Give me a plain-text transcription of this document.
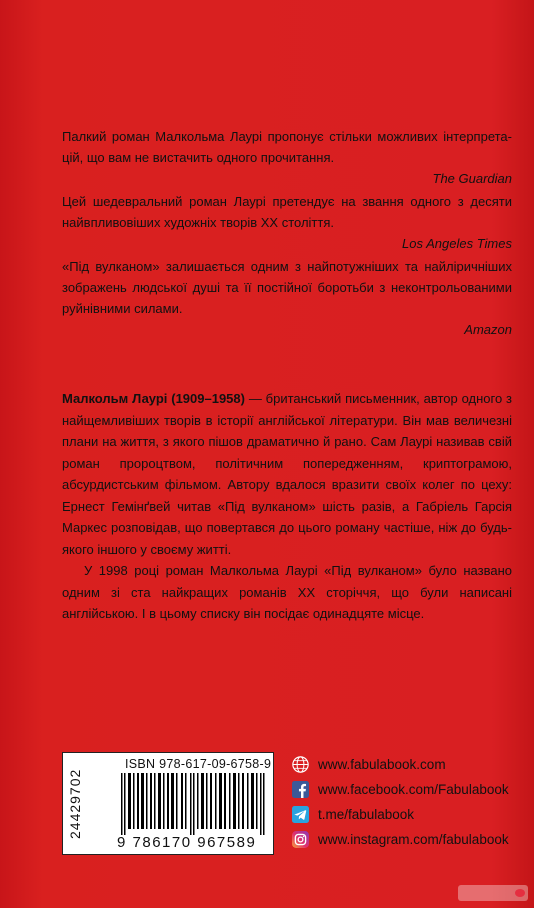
Палкий роман Малкольма Лаурі пропонує стільки можливих інтерпрета-цій, що вам не вистачить одного прочитання.

The Guardian

Цей шедевральний роман Лаурі претендує на звання одного з десяти найвпливовіших художніх творів XX століття.

Los Angeles Times

«Під вулканом» залишається одним з найпотужніших та найліричніших зображень людської душі та її постійної боротьби з неконтрольованими руйнівними силами.

Amazon

Малкольм Лаурі (1909–1958) — британський письменник, автор одного з найщемливіших творів в історії англійської літератури. Він мав величезні плани на життя, з якого пішов драматично й рано. Сам Лаурі називав свій роман пророцтвом, політичним попередженням, криптограмою, абсурдистським фільмом. Автору вдалося вразити своїх колег по цеху: Ернест Гемінґвей читав «Під вулканом» шість разів, а Габріель Гарсія Маркес розповідав, що повертався до цього роману частіше, ніж до будь-якого іншого у своєму житті.

У 1998 році роман Малкольма Лаурі «Під вулканом» було названо одним зі ста найкращих романів XX сторіччя, що були написані англійською. І в цьому списку він посідає одинадцяте місце.

24429702
ISBN 978-617-09-6758-9
9 786170 967589
www.fabulabook.com
www.facebook.com/Fabulabook
t.me/fabulabook
www.instagram.com/fabulabook
